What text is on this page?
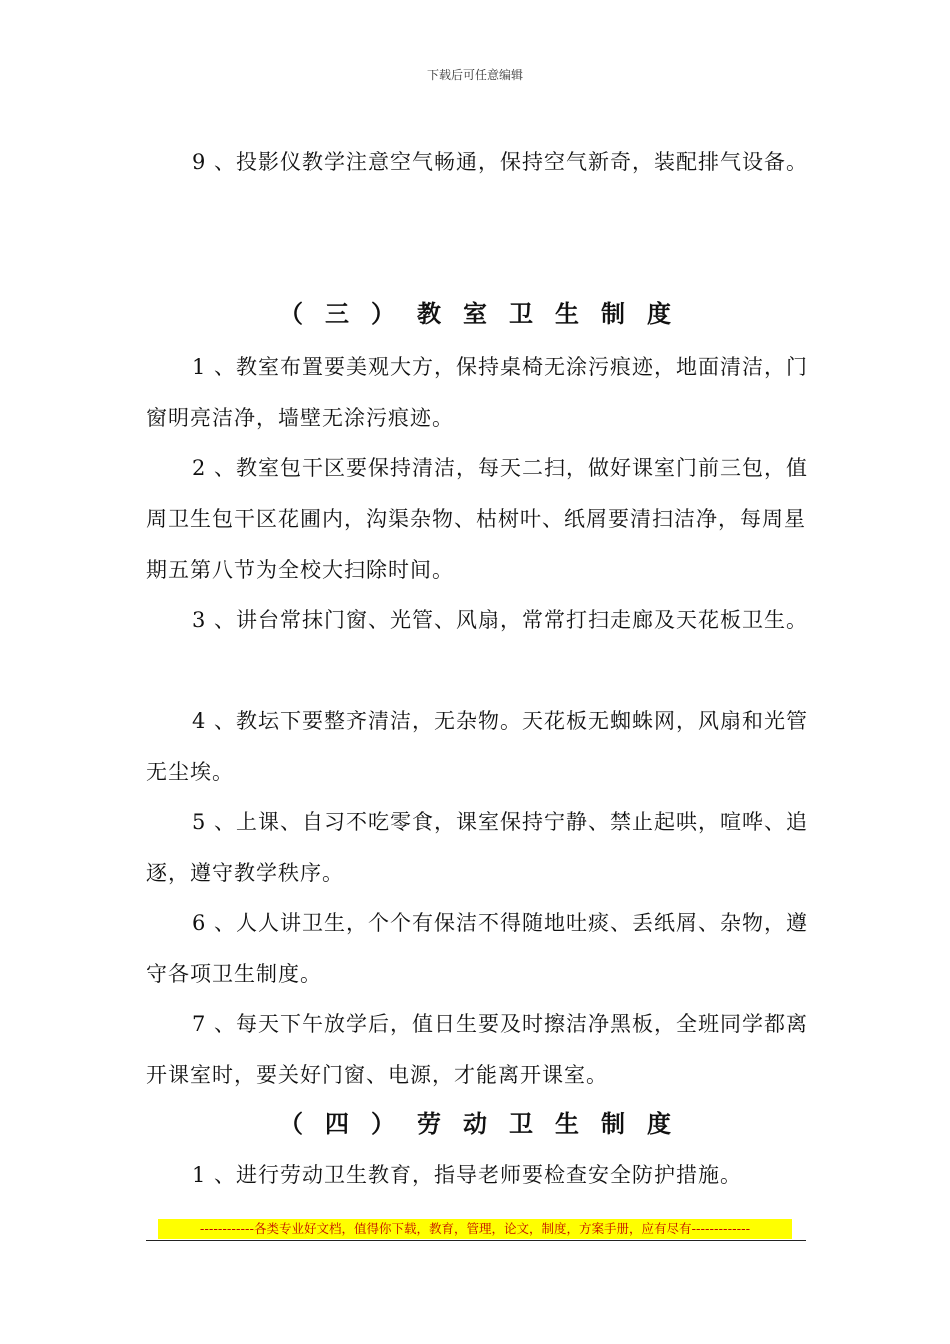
下载后可任意编辑
9 、投影仪教学注意空气畅通，保持空气新奇，装配排气设备。
（三）教室卫生制度
1 、教室布置要美观大方，保持桌椅无涂污痕迹，地面清洁，门窗明亮洁净，墙壁无涂污痕迹。
2 、教室包干区要保持清洁，每天二扫，做好课室门前三包，值周卫生包干区花圃内，沟渠杂物、枯树叶、纸屑要清扫洁净，每周星期五第八节为全校大扫除时间。
3 、讲台常抹门窗、光管、风扇，常常打扫走廊及天花板卫生。
4 、教坛下要整齐清洁，无杂物。天花板无蜘蛛网，风扇和光管无尘埃。
5 、上课、自习不吃零食，课室保持宁静、禁止起哄，喧哗、追逐，遵守教学秩序。
6 、人人讲卫生，个个有保洁不得随地吐痰、丢纸屑、杂物，遵守各项卫生制度。
7 、每天下午放学后，值日生要及时擦洁净黑板，全班同学都离开课室时，要关好门窗、电源，才能离开课室。
（四）劳动卫生制度
1 、进行劳动卫生教育，指导老师要检查安全防护措施。
------------各类专业好文档，值得你下载，教育，管理，论文，制度，方案手册，应有尽有-------------
